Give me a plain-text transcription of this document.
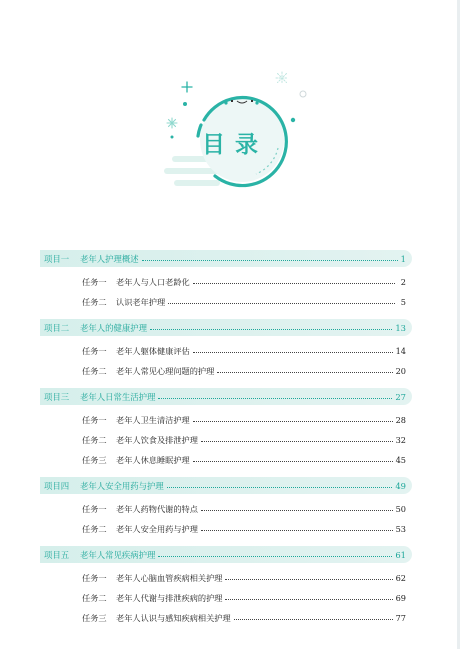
目录
项目一	老年人护理概述	1
任务一	老年人与人口老龄化	2
任务二	认识老年护理	5
项目二	老年人的健康护理	13
任务一	老年人躯体健康评估	14
任务二	老年人常见心理问题的护理	20
项目三	老年人日常生活护理	27
任务一	老年人卫生清洁护理	28
任务二	老年人饮食及排泄护理	32
任务三	老年人休息睡眠护理	45
项目四	老年人安全用药与护理	49
任务一	老年人药物代谢的特点	50
任务二	老年人安全用药与护理	53
项目五	老年人常见疾病护理	61
任务一	老年人心脑血管疾病相关护理	62
任务二	老年人代谢与排泄疾病的护理	69
任务三	老年人认识与感知疾病相关护理	77
